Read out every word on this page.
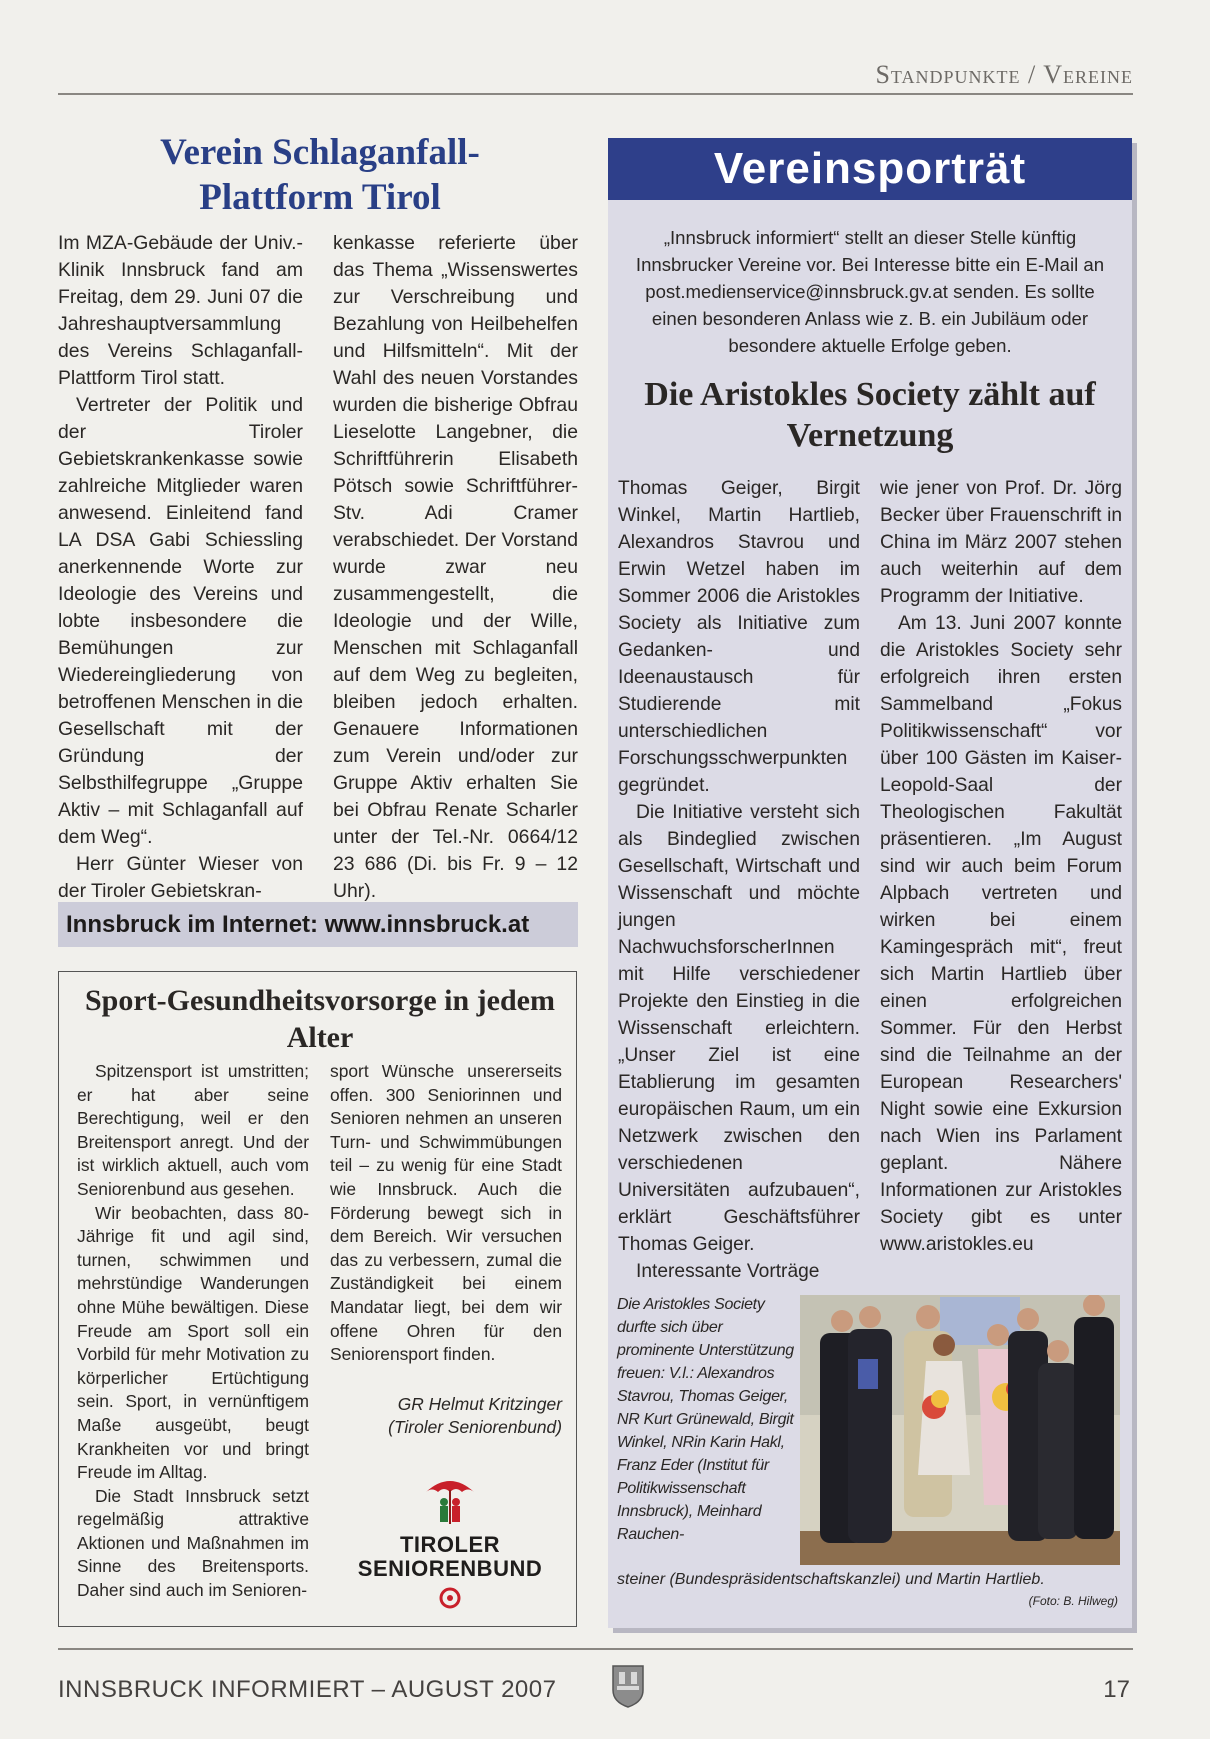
Standpunkte / Vereine
Verein Schlaganfall-Plattform Tirol

Im MZA-Gebäude der Univ.-Klinik Innsbruck fand am Freitag, dem 29. Juni 07 die Jahreshauptversammlung des Vereins Schlaganfall-Plattform Tirol statt.

Vertreter der Politik und der Tiroler Gebietskrankenkasse sowie zahlreiche Mitglieder waren anwesend. Einleitend fand LA DSA Gabi Schiessling anerkennende Worte zur Ideologie des Vereins und lobte insbesondere die Bemühungen zur Wiedereingliederung von betroffenen Menschen in die Gesellschaft mit der Gründung der Selbsthilfegruppe „Gruppe Aktiv – mit Schlaganfall auf dem Weg“.

Herr Günter Wieser von der Tiroler Gebietskran-

kenkasse referierte über das Thema „Wissenswertes zur Verschreibung und Bezahlung von Heilbehelfen und Hilfsmitteln“. Mit der Wahl des neuen Vorstandes wurden die bisherige Obfrau Lieselotte Langebner, die Schriftführerin Elisabeth Pötsch sowie Schriftführer-Stv. Adi Cramer verabschiedet. Der Vorstand wurde zwar neu zusammengestellt, die Ideologie und der Wille, Menschen mit Schlaganfall auf dem Weg zu begleiten, bleiben jedoch erhalten. Genauere Informationen zum Verein und/oder zur Gruppe Aktiv erhalten Sie bei Obfrau Renate Scharler unter der Tel.-Nr. 0664/12 23 686 (Di. bis Fr. 9 – 12 Uhr).

Innsbruck im Internet: www.innsbruck.at
Sport-Gesundheitsvorsorge in jedem Alter

Spitzensport ist umstritten; er hat aber seine Berechtigung, weil er den Breitensport anregt. Und der ist wirklich aktuell, auch vom Seniorenbund aus gesehen.

Wir beobachten, dass 80-Jährige fit und agil sind, turnen, schwimmen und mehrstündige Wanderungen ohne Mühe bewältigen. Diese Freude am Sport soll ein Vorbild für mehr Motivation zu körperlicher Ertüchtigung sein. Sport, in vernünftigem Maße ausgeübt, beugt Krankheiten vor und bringt Freude im Alltag.

Die Stadt Innsbruck setzt regelmäßig attraktive Aktionen und Maßnahmen im Sinne des Breitensports. Daher sind auch im Senioren-

sport Wünsche unsererseits offen. 300 Seniorinnen und Senioren nehmen an unseren Turn- und Schwimmübungen teil – zu wenig für eine Stadt wie Innsbruck. Auch die Förderung bewegt sich in dem Bereich. Wir versuchen das zu verbessern, zumal die Zuständigkeit bei einem Mandatar liegt, bei dem wir offene Ohren für den Seniorensport finden.

GR Helmut Kritzinger
(Tiroler Seniorenbund)
TIROLER
SENIORENBUND
Vereinsporträt
„Innsbruck informiert“ stellt an dieser Stelle künftig Innsbrucker Vereine vor. Bei Interesse bitte ein E-Mail an post.medienservice@innsbruck.gv.at senden. Es sollte einen besonderen Anlass wie z. B. ein Jubiläum oder besondere aktuelle Erfolge geben.
Die Aristokles Society zählt auf Vernetzung

Thomas Geiger, Birgit Winkel, Martin Hartlieb, Alexandros Stavrou und Erwin Wetzel haben im Sommer 2006 die Aristokles Society als Initiative zum Gedanken- und Ideenaustausch für Studierende mit unterschiedlichen Forschungsschwerpunkten gegründet.

Die Initiative versteht sich als Bindeglied zwischen Gesellschaft, Wirtschaft und Wissenschaft und möchte jungen NachwuchsforscherInnen mit Hilfe verschiedener Projekte den Einstieg in die Wissenschaft erleichtern. „Unser Ziel ist eine Etablierung im gesamten europäischen Raum, um ein Netzwerk zwischen den verschiedenen Universitäten aufzubauen“, erklärt Geschäftsführer Thomas Geiger.

Interessante Vorträge

wie jener von Prof. Dr. Jörg Becker über Frauenschrift in China im März 2007 stehen auch weiterhin auf dem Programm der Initiative.

Am 13. Juni 2007 konnte die Aristokles Society sehr erfolgreich ihren ersten Sammelband „Fokus Politikwissenschaft“ vor über 100 Gästen im Kaiser-Leopold-Saal der Theologischen Fakultät präsentieren. „Im August sind wir auch beim Forum Alpbach vertreten und wirken bei einem Kamingespräch mit“, freut sich Martin Hartlieb über einen erfolgreichen Sommer. Für den Herbst sind die Teilnahme an der European Researchers' Night sowie eine Exkursion nach Wien ins Parlament geplant. Nähere Informationen zur Aristokles Society gibt es unter www.aristokles.eu

Die Aristokles Society durfte sich über prominente Unterstützung freuen: V.l.: Alexandros Stavrou, Thomas Geiger, NR Kurt Grünewald, Birgit Winkel, NRin Karin Hakl, Franz Eder (Institut für Politikwissenschaft Innsbruck), Meinhard Rauchen-
steiner (Bundespräsidentschaftskanzlei) und Martin Hartlieb.
(Foto: B. Hilweg)
INNSBRUCK INFORMIERT – AUGUST 2007	17
